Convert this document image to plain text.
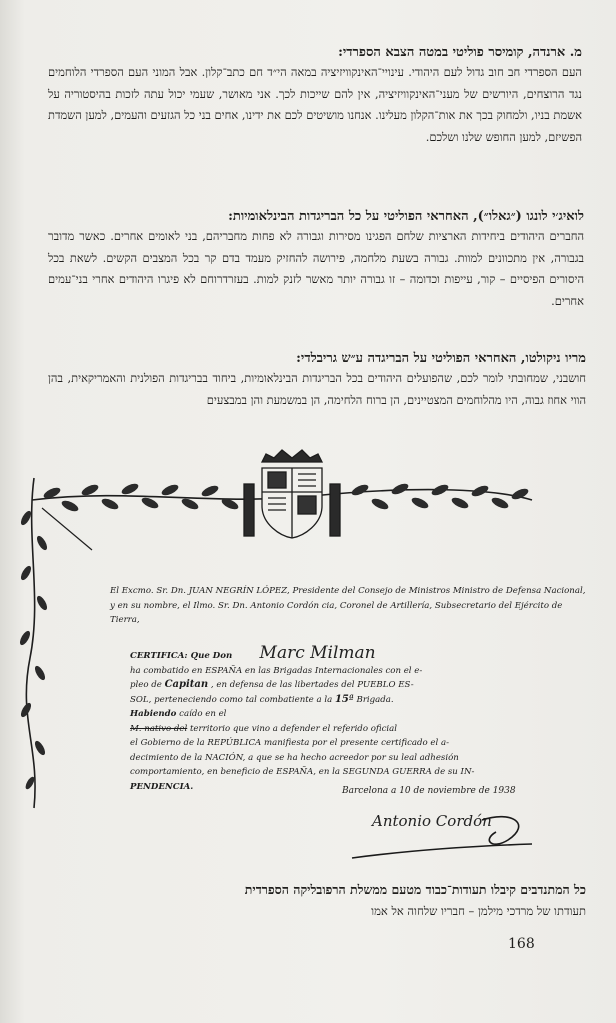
מ. ארנדה, קומיסר פוליטי במטה הצבא הספרדי:
העם הספרדי חב חוב גדול לעם היהודי. עינויי־האינקוויזיציה במאה הי״ד חם כתב־קלון. אבל המוני העם הספרדי הלוחמים נגד הרוצחים, היורשים של מעני־האינקוויזיציה, אין להם שייכות לכך. אני מאושר, שעמי יכול עתה לזכות בהיסטוריה על אשמת בניו, ולמחוק בכך את אות־הקלון מעלינו. אנחנו מושיטים לכם את ידינו, אחים בני כל הגזעים והעמים, למען השמדת הפשיזם, למען החופש שלנו ושלכם.
לואיג׳י לונגו (״גאלו״), האחראי הפוליטי על כל הבריגדות הבינלאומיות:
החברים היהודים ביחידות הארציות שלחם הפגינו מסירות וגבורה לא פחות מחבריהם, בני לאומים אחרים. כאשר מדובר בגבורה, אין מתכוונים למוות. גבורה בשעת מלחמה, פירושה להחזיק מעמד בדם קר בכל המצבים הקשים. לשאת בכל היסורים הפיסיים – קור, עייפות וכדומה – זו גבורה יותר מאשר לזנק למות. בעזרדרוחם לא פיגרו היהודים אחרי בני־עמים אחרים.
מריו ניקולטו, האחראי הפוליטי על הבריגדה ע״ש גריבלדי:
חושבני, שמחובתי לומר לכם, שהפועלים היהודים בכל הבריגדות הבינלאומיות, ביחוד בבריגדות הפולנית והאמריקאית, בהן הווי אחוז גבוה, היו מהלוחמים המצטיינים, הן ברוח הלחימה, הן במשמעת והן במבצעים
El Excmo. Sr. Dn. JUAN NEGRÍN LÓPEZ, Presidente del Consejo de Ministros Ministro de Defensa Nacional, y en su nombre, el Ilmo. Sr. Dn. Antonio Cordón cia, Coronel de Artillería, Subsecretario del Ejército de Tierra,
CERTIFICA: Que Don Marc Milman
ha combatido en ESPAÑA en las Brigadas Internacionales con el e-
pleo de Capitan , en defensa de las libertades del PUEBLO ES-
SOL, perteneciendo como tal combatiente a la 15ª Brigada.
Habiendo caído en el
M. nativo del territorio que vino a defender el referido oficial
el Gobierno de la REPÚBLICA manifiesta por el presente certificado el a-
decimiento de la NACIÓN, a que se ha hecho acreedor por su leal adhesión
comportamiento, en beneficio de ESPAÑA, en la SEGUNDA GUERRA de su IN-
PENDENCIA.	Barcelona a 10 de noviembre de 1938
Antonio Cordón
כל המתנדבים קיבלו תעודות־כבוד מטעם ממשלת הרפובליקה הספרדית
תעודתו של מרדכי מילמן – חבריו שלחוה אל אמו
168
